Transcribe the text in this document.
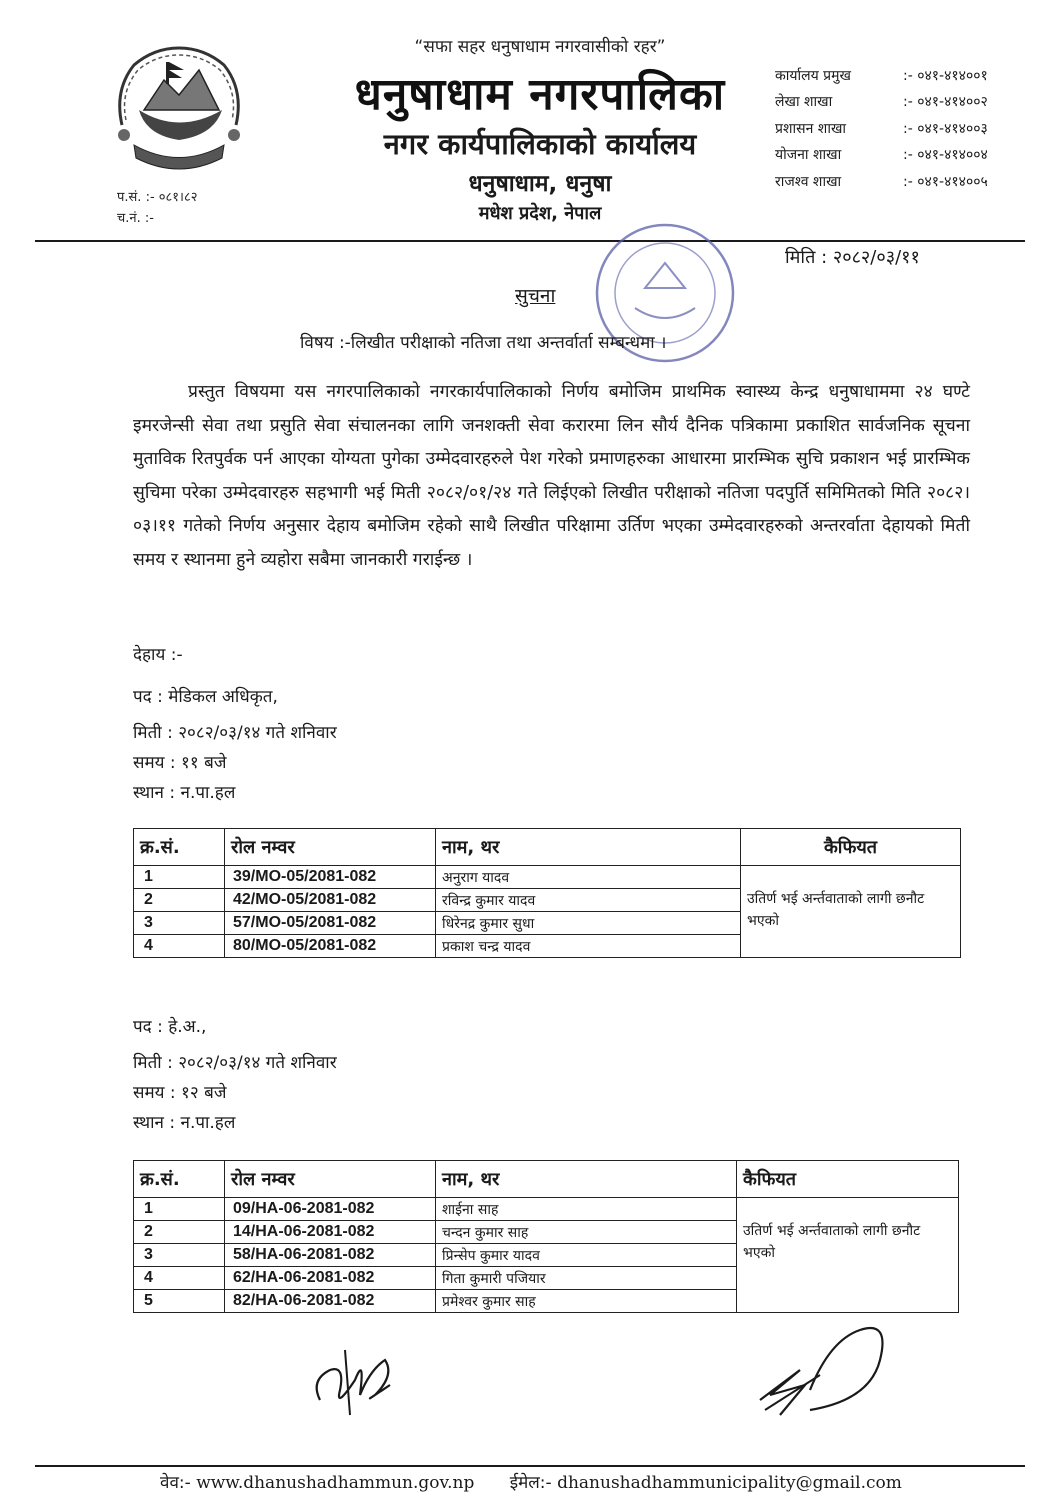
प.सं. :- ०८१।८२
च.नं. :-
“सफा सहर धनुषाधाम नगरवासीको रहर”
धनुषाधाम नगरपालिका
नगर कार्यपालिकाको कार्यालय
धनुषाधाम, धनुषा
मधेश प्रदेश, नेपाल
कार्यालय प्रमुख	:- ०४१-४१४००१
लेखा शाखा	:- ०४१-४१४००२
प्रशासन शाखा	:- ०४१-४१४००३
योजना शाखा	:- ०४१-४१४००४
राजश्व शाखा	:- ०४१-४१४००५
मिति : २०८२/०३/११
सुचना
विषय :-लिखीत परीक्षाको नतिजा तथा अन्तर्वार्ता सम्बन्धमा ।
प्रस्तुत विषयमा यस नगरपालिकाको नगरकार्यपालिकाको निर्णय बमोजिम प्राथमिक स्वास्थ्य केन्द्र धनुषाधाममा २४ घण्टे इमरजेन्सी सेवा तथा प्रसुति सेवा संचालनका लागि जनशक्ती सेवा करारमा लिन सौर्य दैनिक पत्रिकामा प्रकाशित सार्वजनिक सूचना मुताविक रितपुर्वक पर्न आएका योग्यता पुगेका उम्मेदवारहरुले पेश गरेको प्रमाणहरुका आधारमा प्रारम्भिक सुचि प्रकाशन भई प्रारम्भिक सुचिमा परेका उम्मेदवारहरु सहभागी भई मिती २०८२/०१/२४ गते लिईएको लिखीत परीक्षाको नतिजा पदपुर्ति समिमितको मिति २०८२।०३।११ गतेको निर्णय अनुसार देहाय बमोजिम रहेको साथै लिखीत परिक्षामा उर्तिण भएका उम्मेदवारहरुको अन्तरर्वाता देहायको मिती समय र स्थानमा हुने व्यहोरा सबैमा जानकारी गराईन्छ ।
देहाय :-
पद : मेडिकल अधिकृत,
मिती : २०८२/०३/१४ गते शनिवार
समय : ११ बजे
स्थान : न.पा.हल
क्र.सं.	रोल नम्वर	नाम, थर	कैफियत
1	39/MO-05/2081-082	अनुराग यादव	उतिर्ण भई अर्न्तवाताको लागी छनौट भएको
2	42/MO-05/2081-082	रविन्द्र कुमार यादव	
3	57/MO-05/2081-082	धिरेनद्र कुमार सुधा	
4	80/MO-05/2081-082	प्रकाश चन्द्र यादव	
पद : हे.अ.,
मिती : २०८२/०३/१४ गते शनिवार
समय : १२ बजे
स्थान : न.पा.हल
क्र.सं.	रोल नम्वर	नाम, थर	कैफियत
1	09/HA-06-2081-082	शाईना साह	उतिर्ण भई अर्न्तवाताको लागी छनौट भएको
2	14/HA-06-2081-082	चन्दन कुमार साह	
3	58/HA-06-2081-082	प्रिन्सेप कुमार यादव	
4	62/HA-06-2081-082	गिता कुमारी पजियार	
5	82/HA-06-2081-082	प्रमेश्वर कुमार साह	
वेव:- www.dhanushadhammun.gov.np ईमेल:- dhanushadhammunicipality@gmail.com
